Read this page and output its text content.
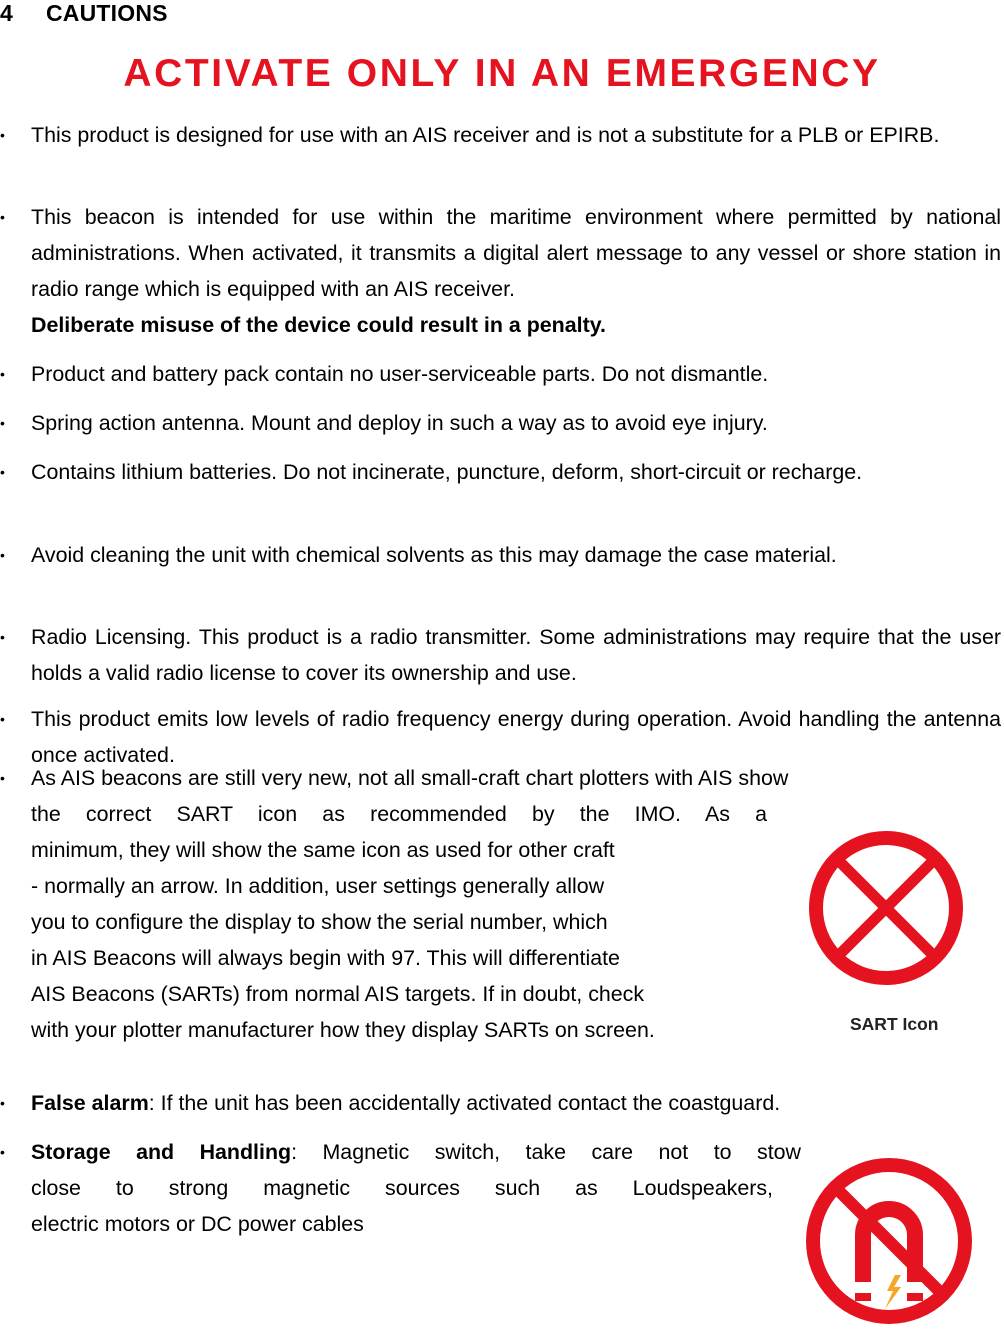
4 CAUTIONS
ACTIVATE ONLY IN AN EMERGENCY
•	This product is designed for use with an AIS receiver and is not a substitute for a PLB or EPIRB.
•	This beacon is intended for use within the maritime environment where permitted by national administrations. When activated, it transmits a digital alert message to any vessel or shore station in radio range which is equipped with an AIS receiver.
Deliberate misuse of the device could result in a penalty.
•	Product and battery pack contain no user-serviceable parts. Do not dismantle.
•	Spring action antenna. Mount and deploy in such a way as to avoid eye injury.
•	Contains lithium batteries. Do not incinerate, puncture, deform, short-circuit or recharge.
•	Avoid cleaning the unit with chemical solvents as this may damage the case material.
•	Radio Licensing. This product is a radio transmitter. Some administrations may require that the user holds a valid radio license to cover its ownership and use.
•	This product emits low levels of radio frequency energy during operation. Avoid handling the antenna once activated.
•	As AIS beacons are still very new, not all small-craft chart plotters with AIS show
the correct SART icon as recommended by the IMO. As a
minimum, they will show the same icon as used for other craft
- normally an arrow. In addition, user settings generally allow
you to configure the display to show the serial number, which
in AIS Beacons will always begin with 97. This will differentiate
AIS Beacons (SARTs) from normal AIS targets. If in doubt, check
with your plotter manufacturer how they display SARTs on screen.	SART Icon
•	False alarm: If the unit has been accidentally activated contact the coastguard.
•	Storage and Handling: Magnetic switch, take care not to stow
close to strong magnetic sources such as Loudspeakers,
electric motors or DC power cables
